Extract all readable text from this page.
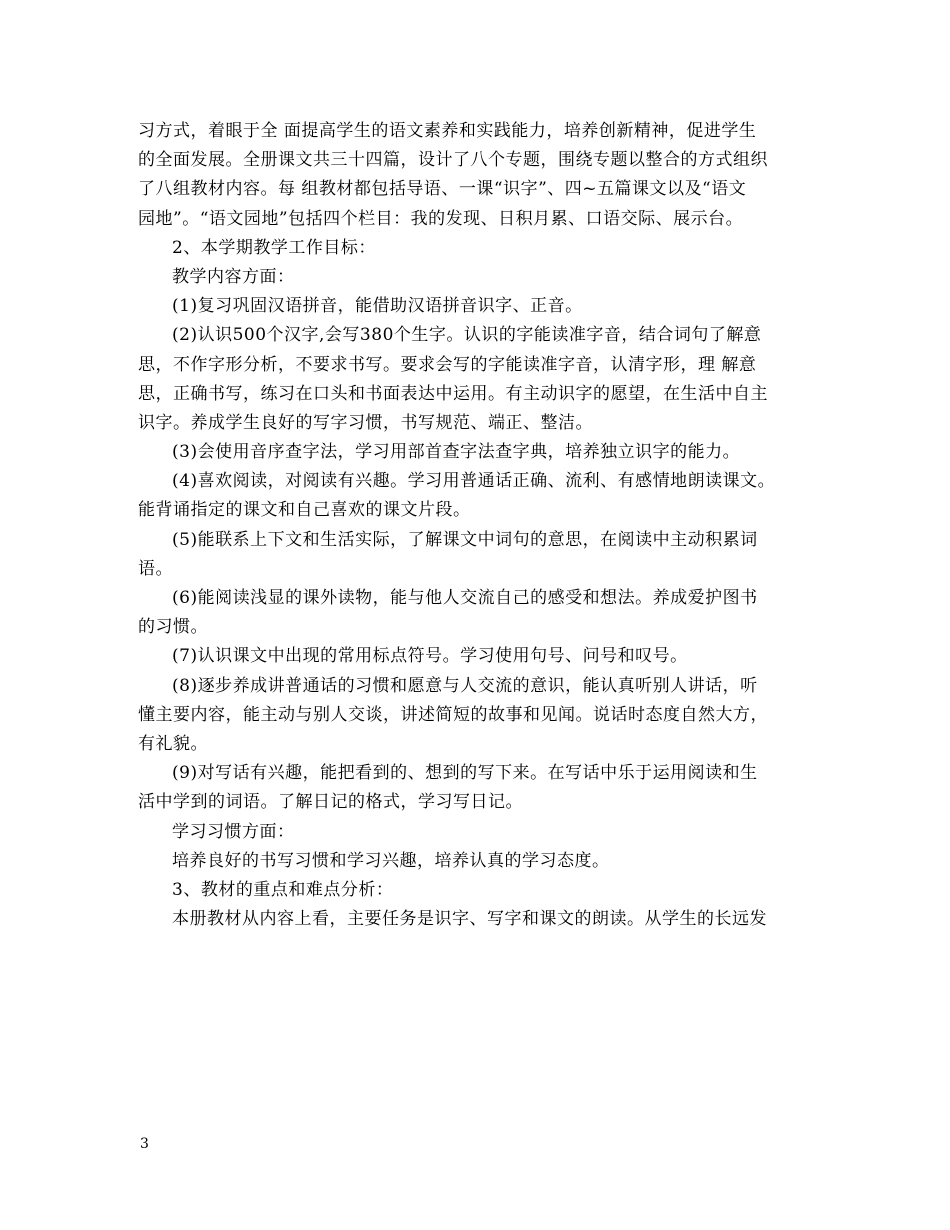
习方式，着眼于全 面提高学生的语文素养和实践能力，培养创新精神，促进学生
的全面发展。全册课文共三十四篇，设计了八个专题，围绕专题以整合的方式组织
了八组教材内容。每 组教材都包括导语、一课“识字”、四~五篇课文以及“语文
园地”。“语文园地”包括四个栏目：我的发现、日积月累、口语交际、展示台。
2、本学期教学工作目标：
教学内容方面：
(1)复习巩固汉语拼音，能借助汉语拼音识字、正音。
(2)认识500个汉字,会写380个生字。认识的字能读准字音，结合词句了解意
思，不作字形分析，不要求书写。要求会写的字能读准字音，认清字形，理 解意
思，正确书写，练习在口头和书面表达中运用。有主动识字的愿望，在生活中自主
识字。养成学生良好的写字习惯，书写规范、端正、整洁。
(3)会使用音序查字法，学习用部首查字法查字典，培养独立识字的能力。
(4)喜欢阅读，对阅读有兴趣。学习用普通话正确、流利、有感情地朗读课文。
能背诵指定的课文和自己喜欢的课文片段。
(5)能联系上下文和生活实际，了解课文中词句的意思，在阅读中主动积累词
语。
(6)能阅读浅显的课外读物，能与他人交流自己的感受和想法。养成爱护图书
的习惯。
(7)认识课文中出现的常用标点符号。学习使用句号、问号和叹号。
(8)逐步养成讲普通话的习惯和愿意与人交流的意识，能认真听别人讲话，听
懂主要内容，能主动与别人交谈，讲述简短的故事和见闻。说话时态度自然大方，
有礼貌。
(9)对写话有兴趣，能把看到的、想到的写下来。在写话中乐于运用阅读和生
活中学到的词语。了解日记的格式，学习写日记。
学习习惯方面：
培养良好的书写习惯和学习兴趣，培养认真的学习态度。
3、教材的重点和难点分析：
本册教材从内容上看，主要任务是识字、写字和课文的朗读。从学生的长远发
3
